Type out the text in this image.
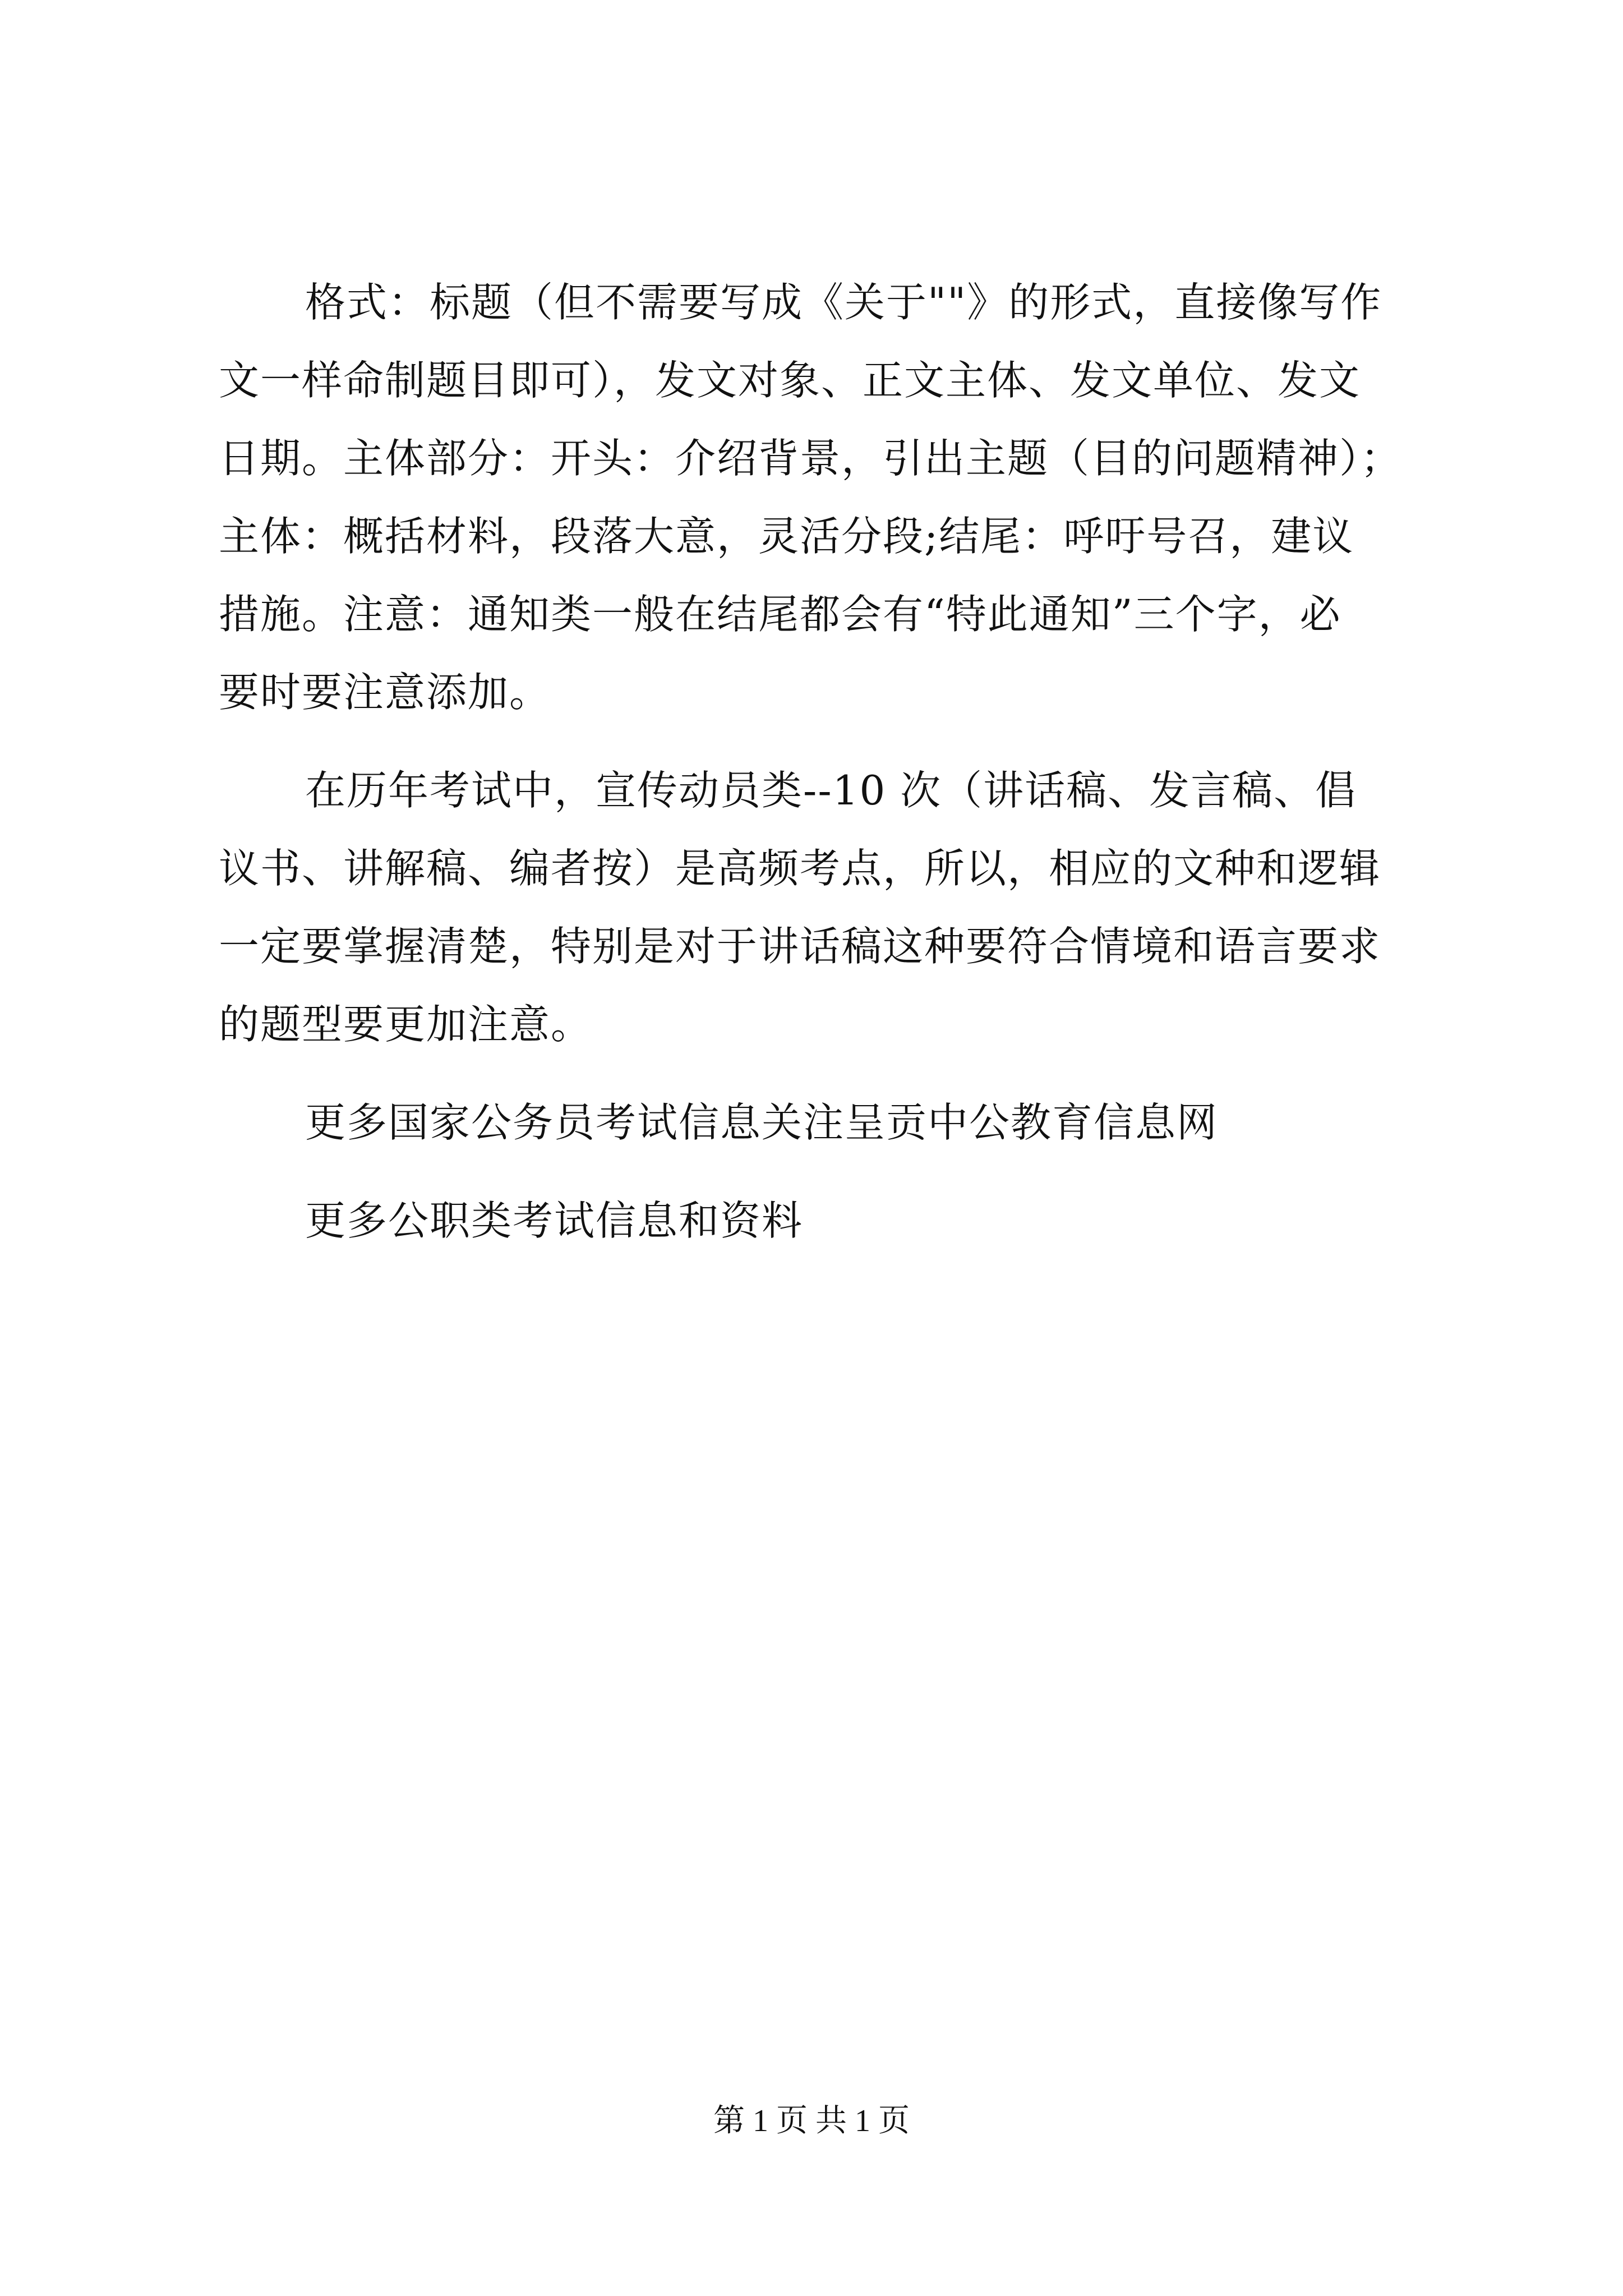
格式：标题（但不需要写成《关于""》的形式，直接像写作
文一样命制题目即可），发文对象、正文主体、发文单位、发文
日期。主体部分：开头：介绍背景，引出主题（目的问题精神）；
主体：概括材料，段落大意，灵活分段;结尾：呼吁号召，建议
措施。注意：通知类一般在结尾都会有“特此通知”三个字，必
要时要注意添加。
在历年考试中，宣传动员类--10 次（讲话稿、发言稿、倡
议书、讲解稿、编者按）是高频考点，所以，相应的文种和逻辑
一定要掌握清楚，特别是对于讲话稿这种要符合情境和语言要求
的题型要更加注意。
更多国家公务员考试信息关注呈贡中公教育信息网
更多公职类考试信息和资料
第 1 页 共 1 页
